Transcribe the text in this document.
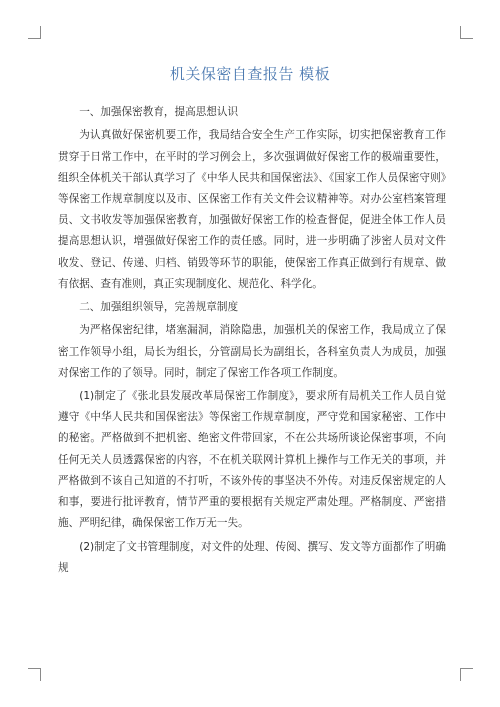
机关保密自查报告 模板

一、加强保密教育，提高思想认识

为认真做好保密机要工作，我局结合安全生产工作实际，切实把保密教育工作贯穿于日常工作中，在平时的学习例会上，多次强调做好保密工作的极端重要性，组织全体机关干部认真学习了《中华人民共和国保密法》、《国家工作人员保密守则》等保密工作规章制度以及市、区保密工作有关文件会议精神等。对办公室档案管理员、文书收发等加强保密教育，加强做好保密工作的检查督促，促进全体工作人员提高思想认识，增强做好保密工作的责任感。同时，进一步明确了涉密人员对文件收发、登记、传递、归档、销毁等环节的职能，使保密工作真正做到行有规章、做有依据、查有准则，真正实现制度化、规范化、科学化。

二、加强组织领导，完善规章制度

为严格保密纪律，堵塞漏洞，消除隐患，加强机关的保密工作，我局成立了保密工作领导小组，局长为组长，分管副局长为副组长，各科室负责人为成员，加强对保密工作的了领导。同时，制定了保密工作各项工作制度。

(1)制定了《张北县发展改革局保密工作制度》，要求所有局机关工作人员自觉遵守《中华人民共和国保密法》等保密工作规章制度，严守党和国家秘密、工作中的秘密。严格做到不把机密、绝密文件带回家，不在公共场所谈论保密事项，不向任何无关人员透露保密的内容，不在机关联网计算机上操作与工作无关的事项，并严格做到不该自己知道的不打听，不该外传的事坚决不外传。对违反保密规定的人和事，要进行批评教育，情节严重的要根据有关规定严肃处理。严格制度、严密措施、严明纪律，确保保密工作万无一失。

(2)制定了文书管理制度，对文件的处理、传阅、撰写、发文等方面都作了明确规
